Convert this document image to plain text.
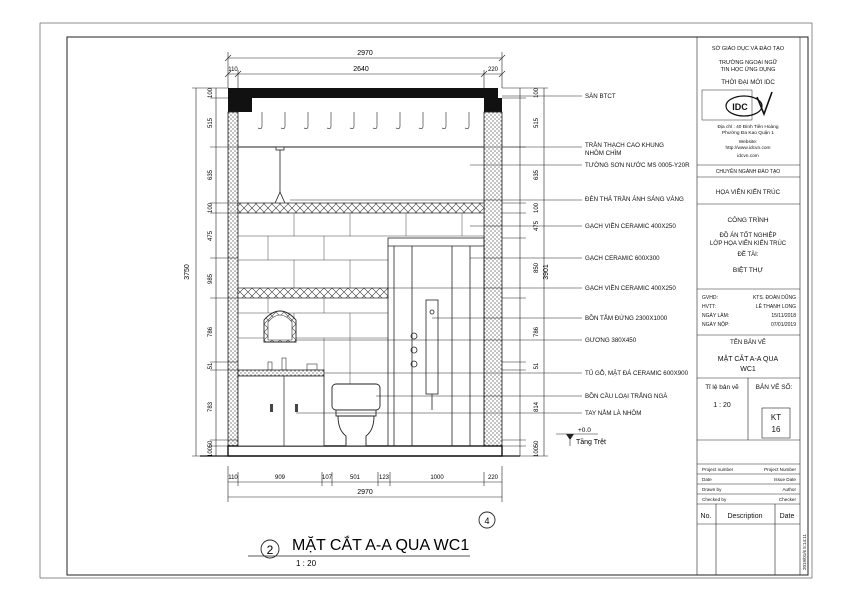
2970
110	2640	220
3750
100
515
635
100
475
985
786
51
783
50
100
3901
100
515
635
100
475
850
786
51
814
50
100
SÀN BTCT
TRẦN THẠCH CAO KHUNG
NHÔM CHÌM
TƯỜNG SƠN NƯỚC MS 0005-Y20R
ĐÈN THẢ TRẦN ÁNH SÁNG VÀNG
GẠCH VIỀN CERAMIC 400X250
GẠCH CERAMIC 600X300
GẠCH VIỀN CERAMIC 400X250
BỒN TẮM ĐỨNG 2300X1000
GƯƠNG 380X450
TỦ GỖ, MẶT ĐÁ CERAMIC 600X900
BỒN CẦU LOẠI TRẮNG NGÀ
TAY NẮM LÀ NHÔM
+0.0
Tầng Trệt
110	909	107	501	123	1000	220
2970
2 MẶT CẮT A-A QUA WC1
1 : 20
4
SỞ GIÁO DỤC VÀ ĐÀO TẠO
TRƯỜNG NGOẠI NGỮ
TIN HỌC ỨNG DỤNG
THỜI ĐẠI MỚI IDC
IDC
Địa chỉ : 40 Đinh Tiên Hoàng
Phường Đa Kao Quận 1
Website:
http://www.idcvn.com
idcvn.com
CHUYÊN NGÀNH ĐÀO TẠO
HỌA VIÊN KIẾN TRÚC
CÔNG TRÌNH
ĐỒ ÁN TỐT NGHIỆP
LỚP HỌA VIÊN KIẾN TRÚC
ĐỀ TÀI:
BIỆT THỰ
GVHD:	KTS. ĐOÀN DŨNG
HVTT:	LÊ THANH LONG
NGÀY LÀM:	15/11/2018
NGÀY NỘP:	07/01/2019
TÊN BẢN VẼ
MẶT CẮT A-A QUA
WC1
Tỉ lệ bản vẽ
1 : 20
BẢN VẼ SỐ:
KT
16
Project number	Project Number
Date	Issue Date
Drawn by	Author
Checked by	Checker
No. Description Date
2019/01/6 5:14:11
